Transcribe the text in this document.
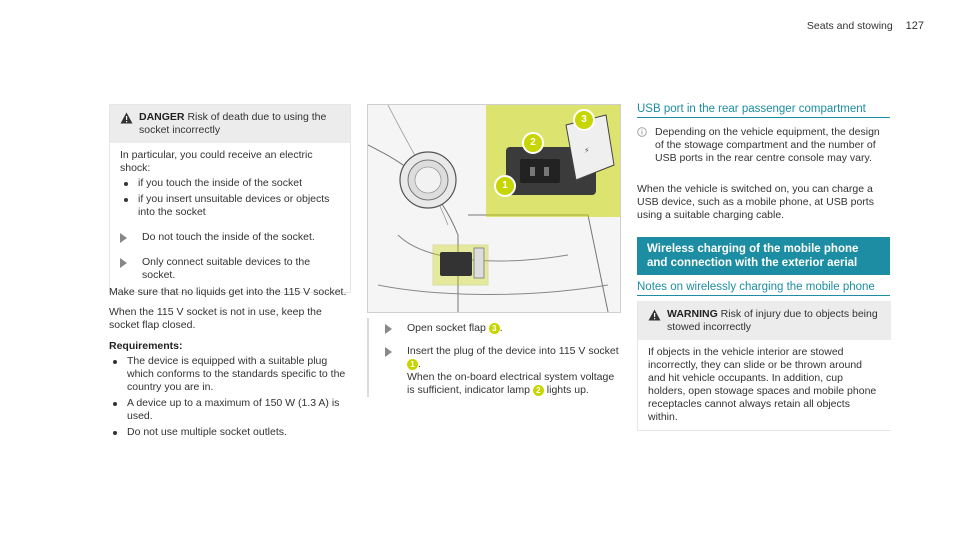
Seats and stowing 127
DANGER Risk of death due to using the socket incorrectly
In particular, you could receive an electric shock:
if you touch the inside of the socket
if you insert unsuitable devices or objects into the socket
Do not touch the inside of the socket.
Only connect suitable devices to the socket.
Make sure that no liquids get into the 115 V socket.
When the 115 V socket is not in use, keep the socket flap closed.
Requirements:
The device is equipped with a suitable plug which conforms to the standards specific to the country you are in.
A device up to a maximum of 150 W (1.3 A) is used.
Do not use multiple socket outlets.
⚡
1
2
3
Open socket flap 3 .
Insert the plug of the device into 115 V socket 1 .
When the on-board electrical system voltage is sufficient, indicator lamp 2 lights up.
USB port in the rear passenger compartment
Depending on the vehicle equipment, the design of the stowage compartment and the number of USB ports in the rear centre console may vary.
When the vehicle is switched on, you can charge a USB device, such as a mobile phone, at USB ports using a suitable charging cable.
Wireless charging of the mobile phone and connection with the exterior aerial
Notes on wirelessly charging the mobile phone
WARNING Risk of injury due to objects being stowed incorrectly
If objects in the vehicle interior are stowed incorrectly, they can slide or be thrown around and hit vehicle occupants. In addition, cup holders, open stowage spaces and mobile phone receptacles cannot always retain all objects within.
